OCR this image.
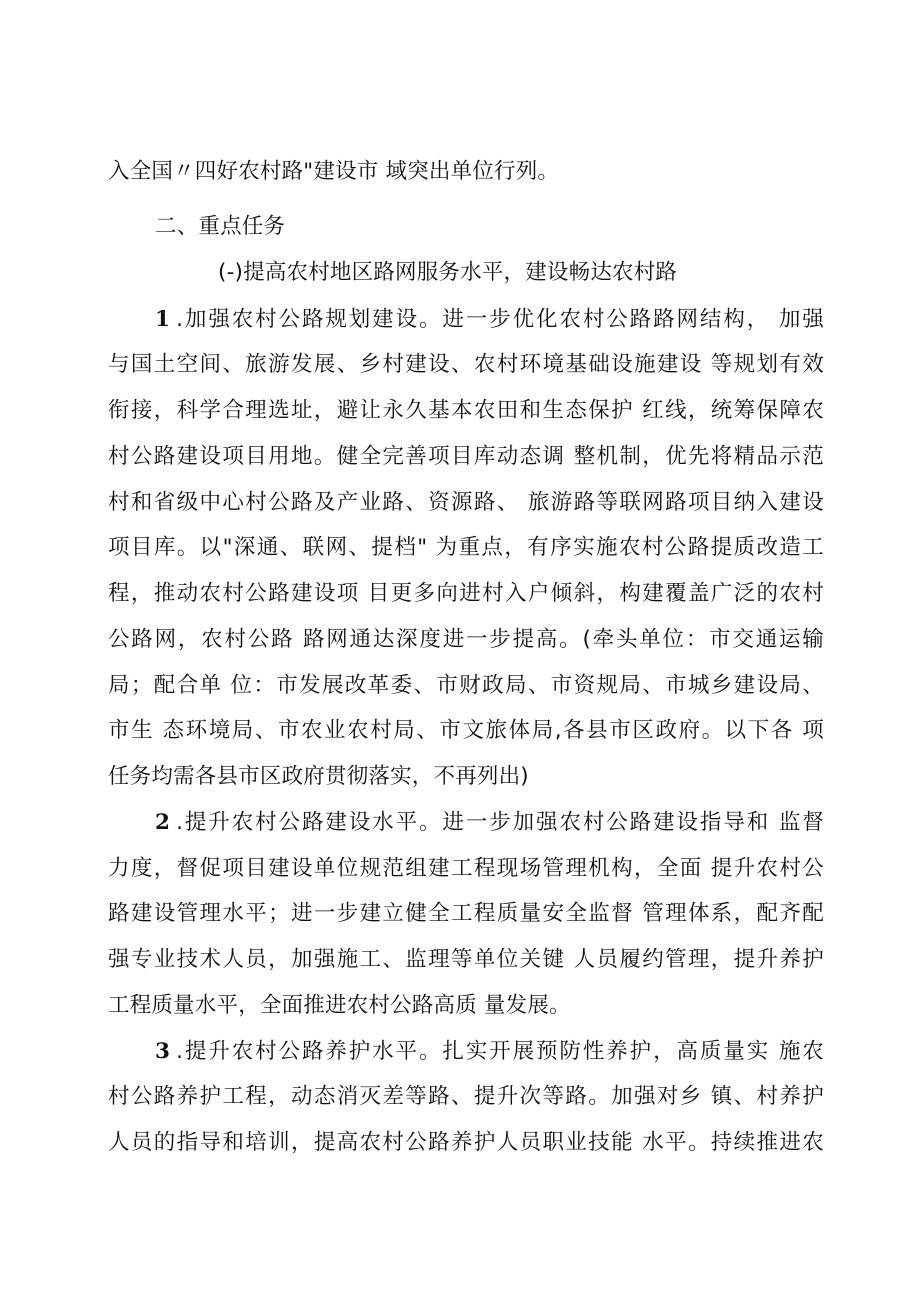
入全国〃四好农村路"建设市 域突出单位行列。
二、重点任务
(-)提高农村地区路网服务水平，建设畅达农村路
1 .加强农村公路规划建设。进一步优化农村公路路网结构， 加强
与国土空间、旅游发展、乡村建设、农村环境基础设施建设 等规划有效
衔接，科学合理选址，避让永久基本农田和生态保护 红线，统筹保障农
村公路建设项目用地。健全完善项目库动态调 整机制，优先将精品示范
村和省级中心村公路及产业路、资源路、 旅游路等联网路项目纳入建设
项目库。以"深通、联网、提档" 为重点，有序实施农村公路提质改造工
程，推动农村公路建设项 目更多向进村入户倾斜，构建覆盖广泛的农村
公路网，农村公路 路网通达深度进一步提高。(牵头单位：市交通运输
局；配合单 位：市发展改革委、市财政局、市资规局、市城乡建设局、
市生 态环境局、市农业农村局、市文旅体局,各县市区政府。以下各 项
任务均需各县市区政府贯彻落实，不再列出)
2 .提升农村公路建设水平。进一步加强农村公路建设指导和 监督
力度，督促项目建设单位规范组建工程现场管理机构，全面 提升农村公
路建设管理水平；进一步建立健全工程质量安全监督 管理体系，配齐配
强专业技术人员，加强施工、监理等单位关键 人员履约管理，提升养护
工程质量水平，全面推进农村公路高质 量发展。
3 .提升农村公路养护水平。扎实开展预防性养护，高质量实 施农
村公路养护工程，动态消灭差等路、提升次等路。加强对乡 镇、村养护
人员的指导和培训，提高农村公路养护人员职业技能 水平。持续推进农
